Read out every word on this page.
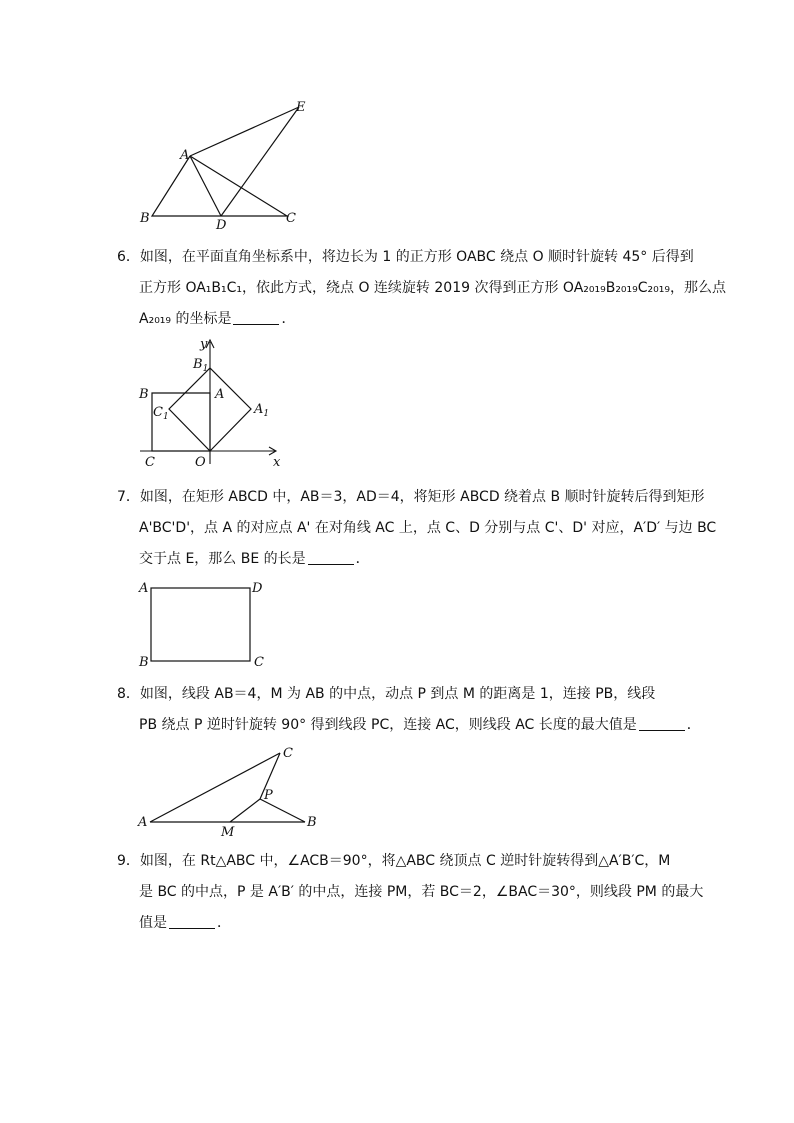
A
B	C
D
E
6．如图，在平面直角坐标系中，将边长为 1 的正方形 OABC 绕点 O 顺时针旋转 45° 后得到
正方形 OA₁B₁C₁，依此方式，绕点 O 连续旋转 2019 次得到正方形 OA₂₀₁₉B₂₀₁₉C₂₀₁₉，那么点
A₂₀₁₉ 的坐标是	．
y
x
$B_1$
B	A
$C_1$	$A_1$
C	O
7．如图，在矩形 ABCD 中，AB＝3，AD＝4，将矩形 ABCD 绕着点 B 顺时针旋转后得到矩形
A'BC'D'，点 A 的对应点 A' 在对角线 AC 上，点 C、D 分别与点 C'、D' 对应，A′D′ 与边 BC
交于点 E，那么 BE 的长是	．
A	D
B	C
8．如图，线段 AB＝4，M 为 AB 的中点，动点 P 到点 M 的距离是 1，连接 PB，线段
PB 绕点 P 逆时针旋转 90° 得到线段 PC，连接 AC，则线段 AC 长度的最大值是	．
C
P
A
M
B
9．如图，在 Rt△ABC 中，∠ACB＝90°，将△ABC 绕顶点 C 逆时针旋转得到△A′B′C，M
是 BC 的中点，P 是 A′B′ 的中点，连接 PM，若 BC＝2，∠BAC＝30°，则线段 PM 的最大
值是	．
